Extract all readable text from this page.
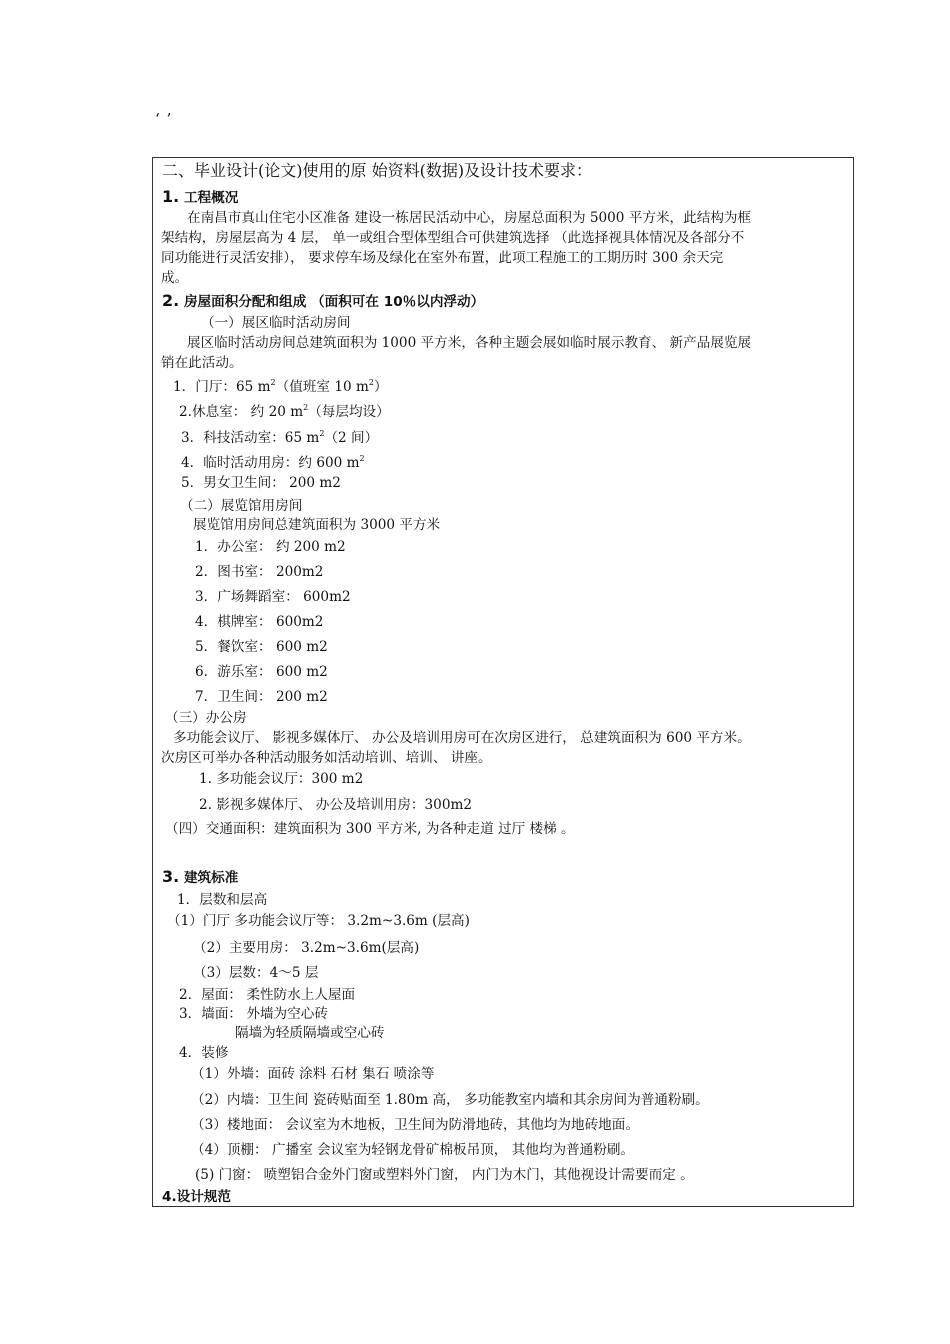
‘ ’
二、毕业设计(论文)使用的原 始资料(数据)及设计技术要求：
1. 工程概况
在南昌市真山住宅小区准备 建设一栋居民活动中心，房屋总面积为 5000 平方米，此结构为框
架结构，房屋层高为 4 层， 单一或组合型体型组合可供建筑选择 （此选择视具体情况及各部分不
同功能进行灵活安排）， 要求停车场及绿化在室外布置，此项工程施工的工期历时 300 余天完
成。
2. 房屋面积分配和组成 （面积可在 10％以内浮动）
（一）展区临时活动房间
展区临时活动房间总建筑面积为 1000 平方米，各种主题会展如临时展示教育、 新产品展览展
销在此活动。
1．门厅：65 $m^2$（值班室 10 $m^2$）
2.休息室： 约 20 $m^2$（每层均设）
3．科技活动室：65 $m^2(2$ 间）
4．临时活动用房：约 600 $m^2$
5．男女卫生间： 200 m2
（二）展览馆用房间
展览馆用房间总建筑面积为 3000 平方米
1．办公室： 约 200 m2
2．图书室： 200m2
3．广场舞蹈室： 600m2
4．棋牌室： 600m2
5．餐饮室： 600 m2
6．游乐室： 600 m2
7．卫生间： 200 m2
（三）办公房
多功能会议厅、 影视多媒体厅、 办公及培训用房可在次房区进行， 总建筑面积为 600 平方米。
次房区可举办各种活动服务如活动培训、培训、 讲座。
1. 多功能会议厅：300 m2
2. 影视多媒体厅、 办公及培训用房：300m2
（四）交通面积：建筑面积为 300 平方米, 为各种走道 过厅 楼梯 。
3. 建筑标准
1．层数和层高
（1）门厅 多功能会议厅等： 3.2m~3.6m (层高)
（2）主要用房： 3.2m~3.6m(层高)
（3）层数：4～5 层
2．屋面： 柔性防水上人屋面
3．墙面： 外墙为空心砖
隔墙为轻质隔墙或空心砖
4．装修
（1）外墙：面砖 涂料 石材 集石 喷涂等
（2）内墙：卫生间 瓷砖贴面至 1.80m 高， 多功能教室内墙和其余房间为普通粉刷。
（3）楼地面： 会议室为木地板，卫生间为防滑地砖，其他均为地砖地面。
（4）顶棚： 广播室 会议室为轻钢龙骨矿棉板吊顶， 其他均为普通粉刷。
(5) 门窗： 喷塑铝合金外门窗或塑料外门窗， 内门为木门，其他视设计需要而定 。
4.设计规范
